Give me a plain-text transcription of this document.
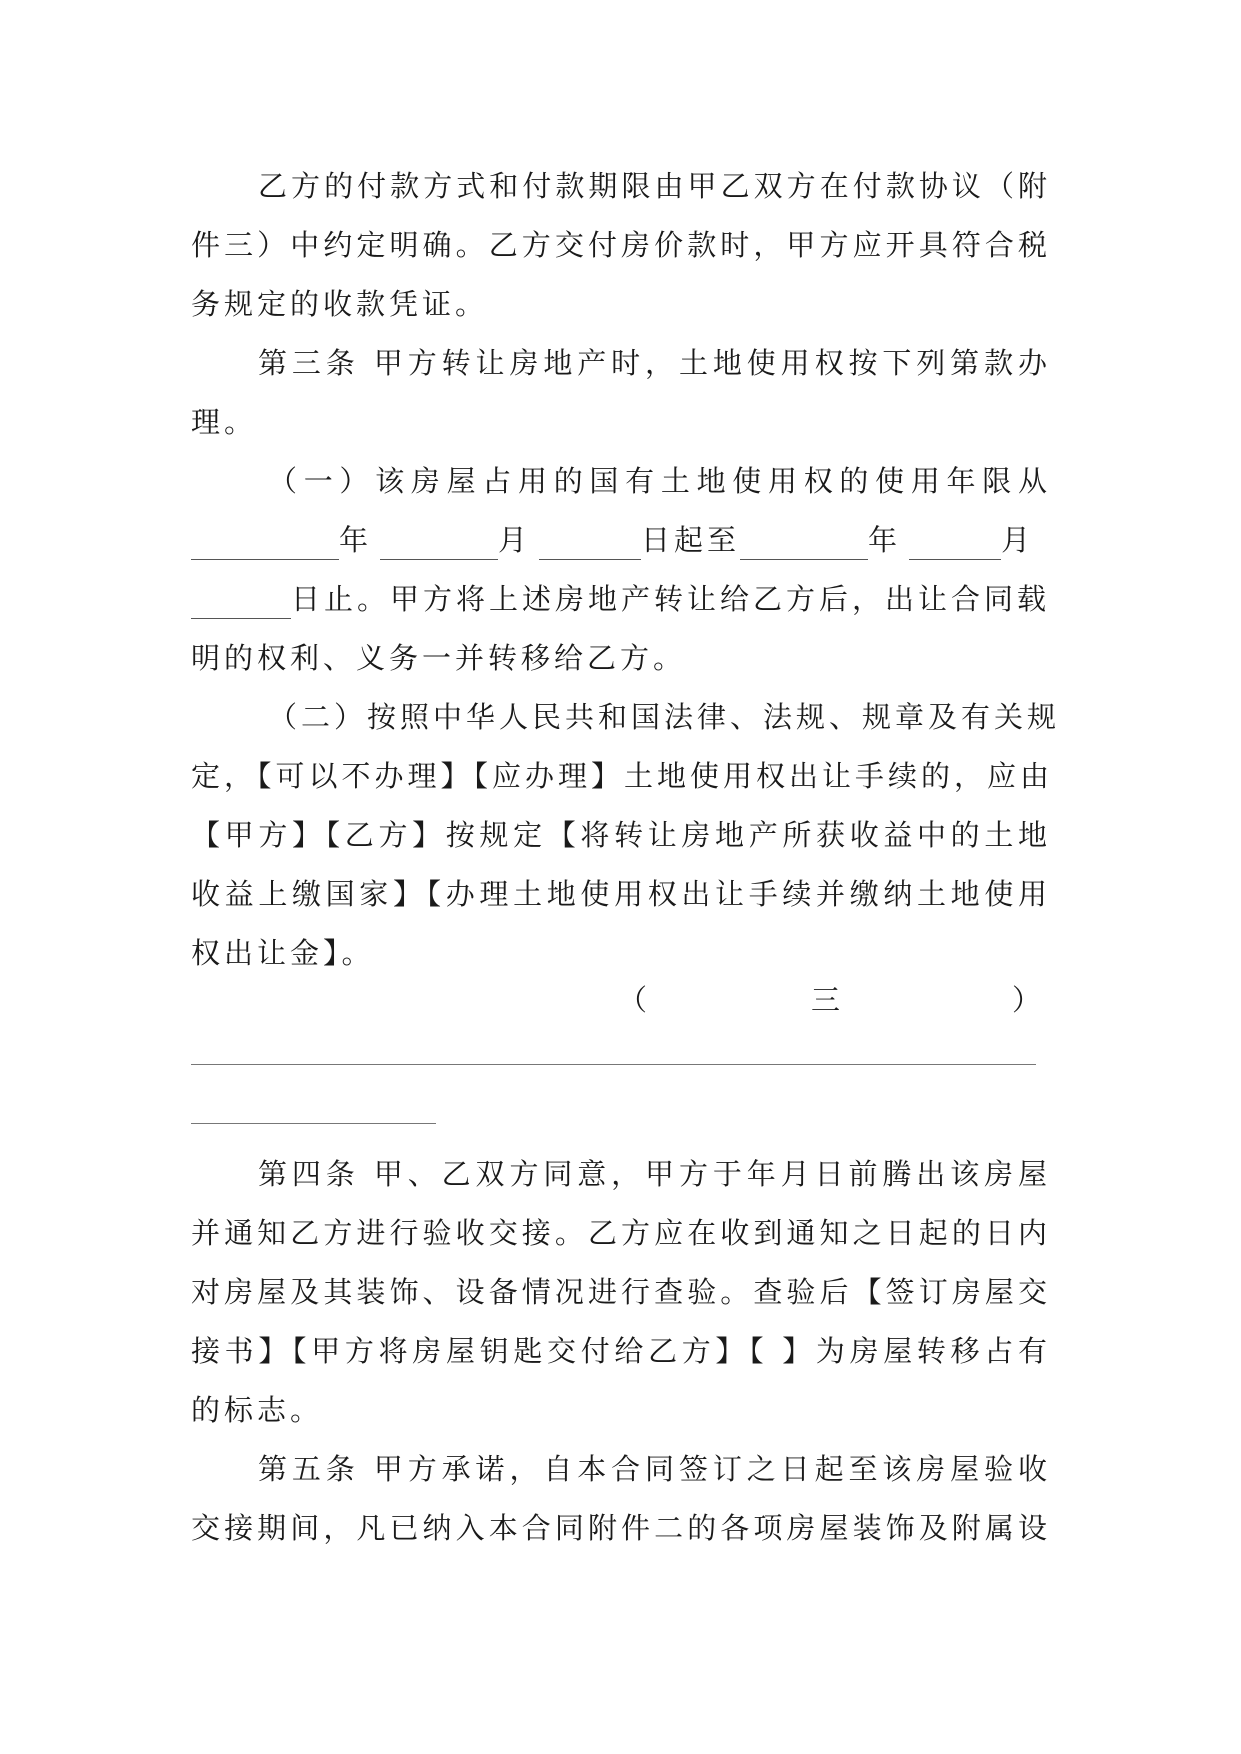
乙方的付款方式和付款期限由甲乙双方在付款协议（附
件三）中约定明确。乙方交付房价款时，甲方应开具符合税
务规定的收款凭证。
第三条 甲方转让房地产时，土地使用权按下列第款办
理。
（一）该房屋占用的国有土地使用权的使用年限从
年	月	日起至	年	月
日止。甲方将上述房地产转让给乙方后，出让合同载
明的权利、义务一并转移给乙方。
（二）按照中华人民共和国法律、法规、规章及有关规
定，【可以不办理】【应办理】土地使用权出让手续的，应由
【甲方】【乙方】按规定【将转让房地产所获收益中的土地
收益上缴国家】【办理土地使用权出让手续并缴纳土地使用
权出让金】。
（	三	）
第四条 甲、乙双方同意，甲方于年月日前腾出该房屋
并通知乙方进行验收交接。乙方应在收到通知之日起的日内
对房屋及其装饰、设备情况进行查验。查验后【签订房屋交
接书】【甲方将房屋钥匙交付给乙方】【 】为房屋转移占有
的标志。
第五条 甲方承诺，自本合同签订之日起至该房屋验收
交接期间，凡已纳入本合同附件二的各项房屋装饰及附属设
